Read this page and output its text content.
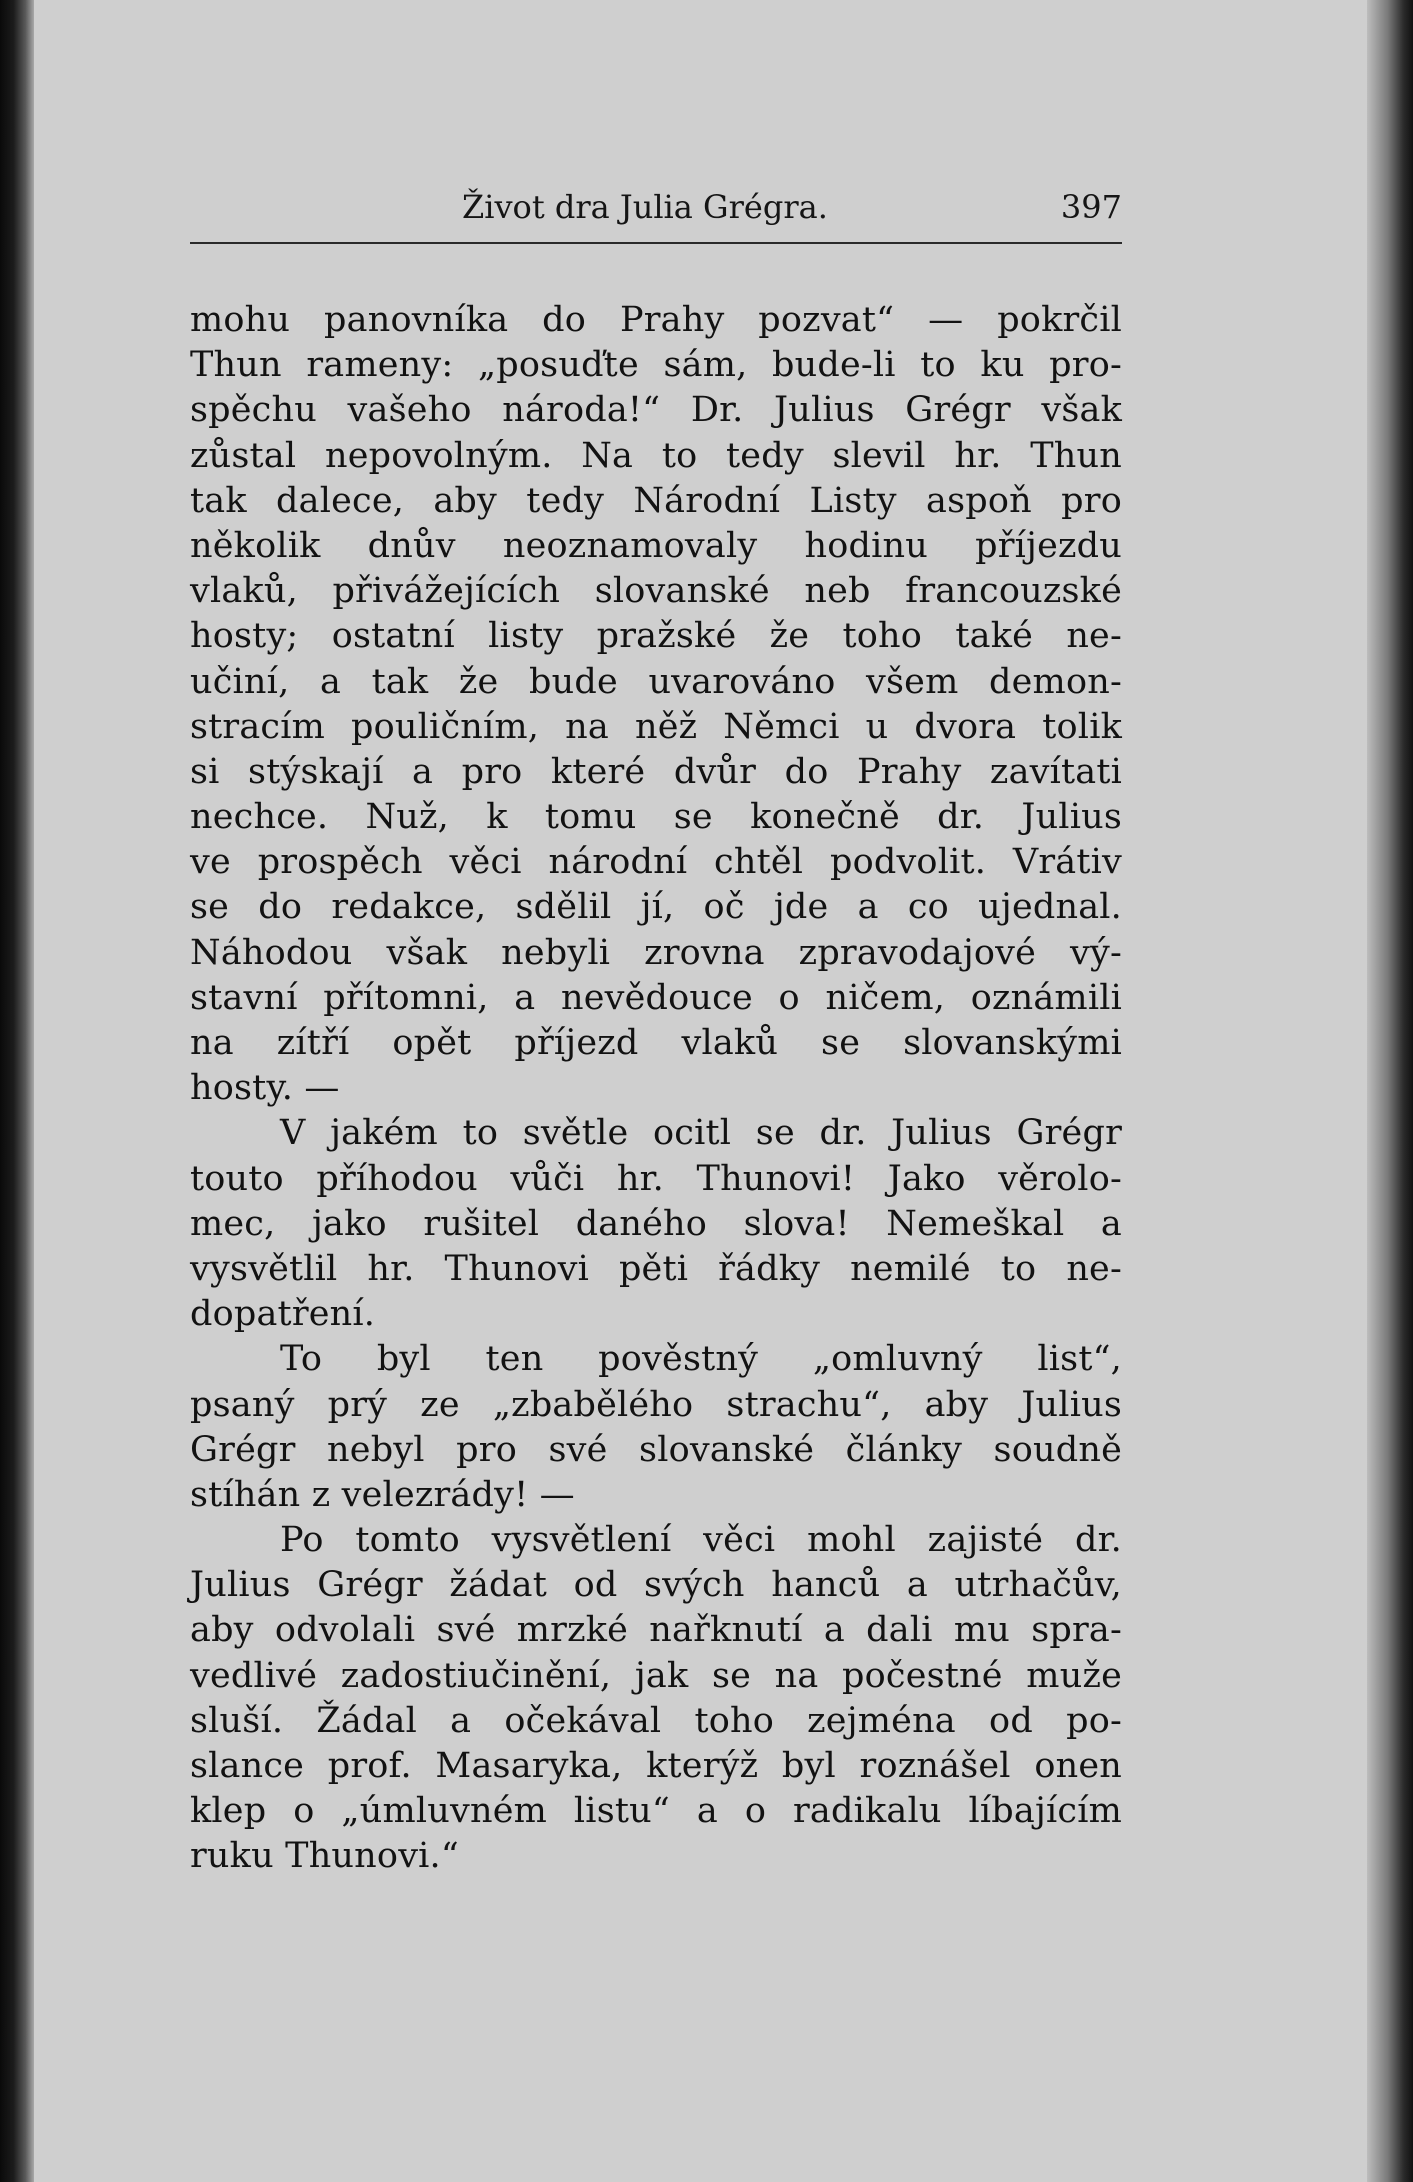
Život dra Julia Grégra.	397
mohu panovníka do Prahy pozvat“ — pokrčil
Thun rameny: „posuďte sám, bude-li to ku pro-
spěchu vašeho národa!“ Dr. Julius Grégr však
zůstal nepovolným. Na to tedy slevil hr. Thun
tak dalece, aby tedy Národní Listy aspoň pro
několik dnův neoznamovaly hodinu příjezdu
vlaků, přivážejících slovanské neb francouzské
hosty; ostatní listy pražské že toho také ne-
učiní, a tak že bude uvarováno všem demon-
stracím pouličním, na něž Němci u dvora tolik
si stýskají a pro které dvůr do Prahy zavítati
nechce. Nuž, k tomu se konečně dr. Julius
ve prospěch věci národní chtěl podvolit. Vrátiv
se do redakce, sdělil jí, oč jde a co ujednal.
Náhodou však nebyli zrovna zpravodajové vý-
stavní přítomni, a nevědouce o ničem, oznámili
na zítří opět příjezd vlaků se slovanskými
hosty. —
V jakém to světle ocitl se dr. Julius Grégr
touto příhodou vůči hr. Thunovi! Jako věrolo-
mec, jako rušitel daného slova! Nemeškal a
vysvětlil hr. Thunovi pěti řádky nemilé to ne-
dopatření.
To byl ten pověstný „omluvný list“,
psaný prý ze „zbabělého strachu“, aby Julius
Grégr nebyl pro své slovanské články soudně
stíhán z velezrády! —
Po tomto vysvětlení věci mohl zajisté dr.
Julius Grégr žádat od svých hanců a utrhačův,
aby odvolali své mrzké nařknutí a dali mu spra-
vedlivé zadostiučinění, jak se na počestné muže
sluší. Žádal a očekával toho zejména od po-
slance prof. Masaryka, kterýž byl roznášel onen
klep o „úmluvném listu“ a o radikalu líbajícím
ruku Thunovi.“
